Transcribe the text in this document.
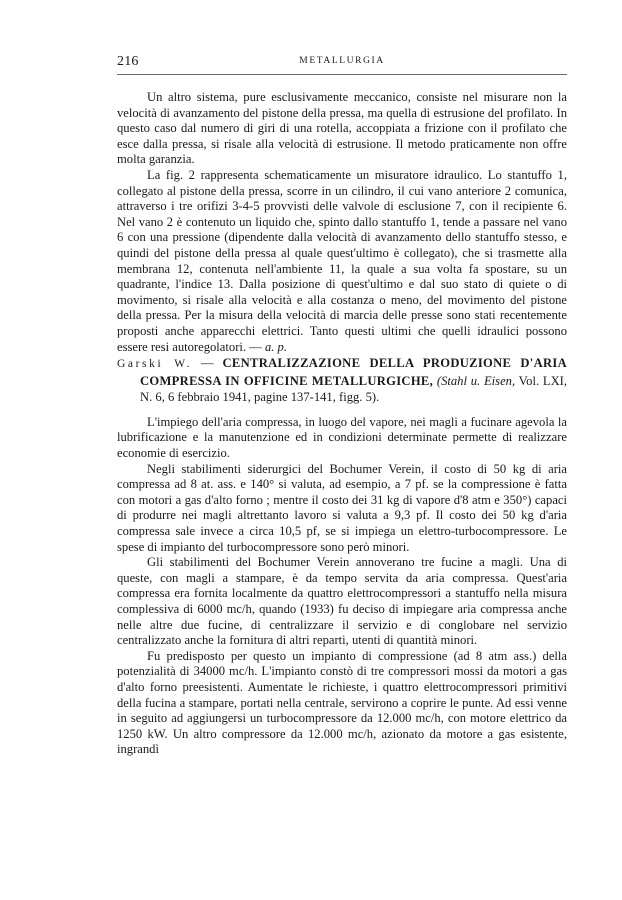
216	METALLURGIA

Un altro sistema, pure esclusivamente meccanico, consiste nel misurare non la velocità di avanzamento del pistone della pressa, ma quella di estrusione del profilato. In questo caso dal numero di giri di una rotella, accoppiata a frizione con il profilato che esce dalla pressa, si risale alla velocità di estrusione. Il metodo praticamente non offre molta garanzia.

La fig. 2 rappresenta schematicamente un misuratore idraulico. Lo stantuffo 1, collegato al pistone della pressa, scorre in un cilindro, il cui vano anteriore 2 comunica, attraverso i tre orifizi 3-4-5 provvisti delle valvole di esclusione 7, con il recipiente 6. Nel vano 2 è contenuto un liquido che, spinto dallo stantuffo 1, tende a passare nel vano 6 con una pressione (dipendente dalla velocità di avanzamento dello stantuffo stesso, e quindi del pistone della pressa al quale quest'ultimo è collegato), che si trasmette alla membrana 12, contenuta nell'ambiente 11, la quale a sua volta fa spostare, su un quadrante, l'indice 13. Dalla posizione di quest'ultimo e dal suo stato di quiete o di movimento, si risale alla velocità e alla costanza o meno, del movimento del pistone della pressa. Per la misura della velocità di marcia delle presse sono stati recentemente proposti anche apparecchi elettrici. Tanto questi ultimi che quelli idraulici possono essere resi autoregolatori. — a. p.

Garski W. — CENTRALIZZAZIONE DELLA PRODUZIONE D'ARIA COMPRESSA IN OFFICINE METALLURGICHE, (Stahl u. Eisen, Vol. LXI, N. 6, 6 febbraio 1941, pagine 137-141, figg. 5).

L'impiego dell'aria compressa, in luogo del vapore, nei magli a fucinare agevola la lubrificazione e la manutenzione ed in condizioni determinate permette di realizzare economie di esercizio.

Negli stabilimenti siderurgici del Bochumer Verein, il costo di 50 kg di aria compressa ad 8 at. ass. e 140° si valuta, ad esempio, a 7 pf. se la compressione è fatta con motori a gas d'alto forno ; mentre il costo dei 31 kg di vapore d'8 atm e 350°) capaci di produrre nei magli altrettanto lavoro si valuta a 9,3 pf. Il costo dei 50 kg d'aria compressa sale invece a circa 10,5 pf, se si impiega un elettro-turbocompressore. Le spese di impianto del turbocompressore sono però minori.

Gli stabilimenti del Bochumer Verein annoverano tre fucine a magli. Una di queste, con magli a stampare, è da tempo servita da aria compressa. Quest'aria compressa era fornita localmente da quattro elettrocompressori a stantuffo nella misura complessiva di 6000 mc/h, quando (1933) fu deciso di impiegare aria compressa anche nelle altre due fucine, di centralizzare il servizio e di conglobare nel servizio centralizzato anche la fornitura di altri reparti, utenti di quantità minori.

Fu predisposto per questo un impianto di compressione (ad 8 atm ass.) della potenzialità di 34000 mc/h. L'impianto constò di tre compressori mossi da motori a gas d'alto forno preesistenti. Aumentate le richieste, i quattro elettrocompressori primitivi della fucina a stampare, portati nella centrale, servirono a coprire le punte. Ad essi venne in seguito ad aggiungersi un turbocompressore da 12.000 mc/h, con motore elettrico da 1250 kW. Un altro compressore da 12.000 mc/h, azionato da motore a gas esistente, ingrandì
